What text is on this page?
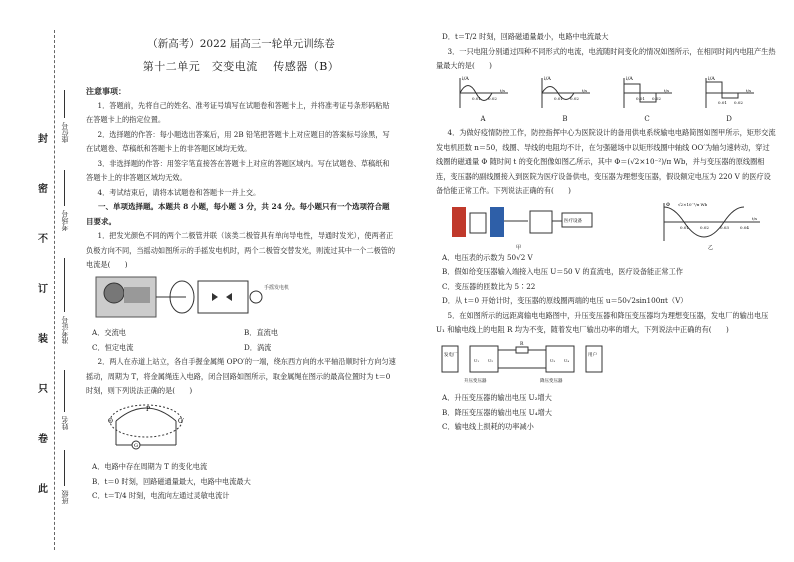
封
密
不
订
装
只
卷
此
座位号
考场号
准考证号
姓名
班级
（新高考）2022 届高三一轮单元训练卷
第十二单元　交变电流　 传感器（B）
注意事项：

1．答题前，先将自己的姓名、准考证号填写在试题卷和答题卡上，并将准考证号条形码粘贴在答题卡上的指定位置。

2．选择题的作答：每小题选出答案后，用 2B 铅笔把答题卡上对应题目的答案标号涂黑，写在试题卷、草稿纸和答题卡上的非答题区域均无效。

3．非选择题的作答：用签字笔直接答在答题卡上对应的答题区域内。写在试题卷、草稿纸和答题卡上的非答题区域均无效。

4．考试结束后，请将本试题卷和答题卡一并上交。

一、单项选择题。本题共 8 小题，每小题 3 分，共 24 分。每小题只有一个选项符合题目要求。

1．把发光颜色不同的两个二极管并联（该类二极管具有单向导电性，导通时发光），使两者正负极方向不同，当摇动如图所示的手摇发电机时，两个二极管交替发光，则流过其中一个二极管的电流是(　　)

手摇发电机
A．交流电	B．直流电
C．恒定电流	D．涡流

2．两人在赤道上站立，各自手握金属绳 OPO′的一端，绕东西方向的水平轴沿顺时针方向匀速摇动，周期为 T，将金属绳连入电路，闭合回路如图所示，取金属绳在图示的最高位置时为 t＝0 时刻，则下列说法正确的是(　　)

P
O	O′
G

A．电路中存在周期为 T 的变化电流

B．t＝0 时刻，回路磁通量最大，电路中电流最大

C．t＝T/4 时刻，电流向左通过灵敏电流计

D．t＝T/2 时刻，回路磁通量最小，电路中电流最大

3．一只电阻分别通过四种不同形式的电流，电流随时间变化的情况如图所示，在相同时间内电阻产生热量最大的是(　　)

i/A
0.01 0.02
t/s
A
i/A
0.01 0.02
t/s
B
i/A
0.01 0.02
t/s
C
i/A
0.01 0.02
t/s
D

4．为做好疫情防控工作，防控指挥中心为医院设计的备用供电系统输电电路简图如图甲所示，矩形交流发电机匝数 n＝50，线圈、导线的电阻均不计，在匀强磁场中以矩形线圈中轴线 OO′为轴匀速转动，穿过线圈的磁通量 Φ 随时间 t 的变化图像如图乙所示，其中 Φ＝(√2×10⁻²)/π Wb，并与变压器的原线圈相连，变压器的副线圈接入到医院为医疗设备供电，变压器为理想变压器，假设额定电压为 220 V 的医疗设备恰能正常工作。下列说法正确的有(　　)

医疗设备
甲
Φ √2×10⁻²/π Wb
0.01	0.02	0.03	0.04
t/s
乙

A．电压表的示数为 50√2 V

B．假如给变压器输入端接入电压 U＝50 V 的直流电，医疗设备能正常工作

C．变压器的匝数比为 5∶22

D．从 t＝0 开始计时，变压器的原线圈两端的电压 u＝50√2sin100πt（V）

5．在如图所示的远距离输电电路图中，升压变压器和降压变压器均为理想变压器，发电厂的输出电压 U₁ 和输电线上的电阻 R 均为不变，随着发电厂输出功率的增大，下列说法中正确的有(　　)

发电厂
U₁ U₂
R
U₃ U₄
用户
升压变压器	降压变压器

A．升压变压器的输出电压 U₂增大

B．降压变压器的输出电压 U₄增大

C．输电线上损耗的功率减小
